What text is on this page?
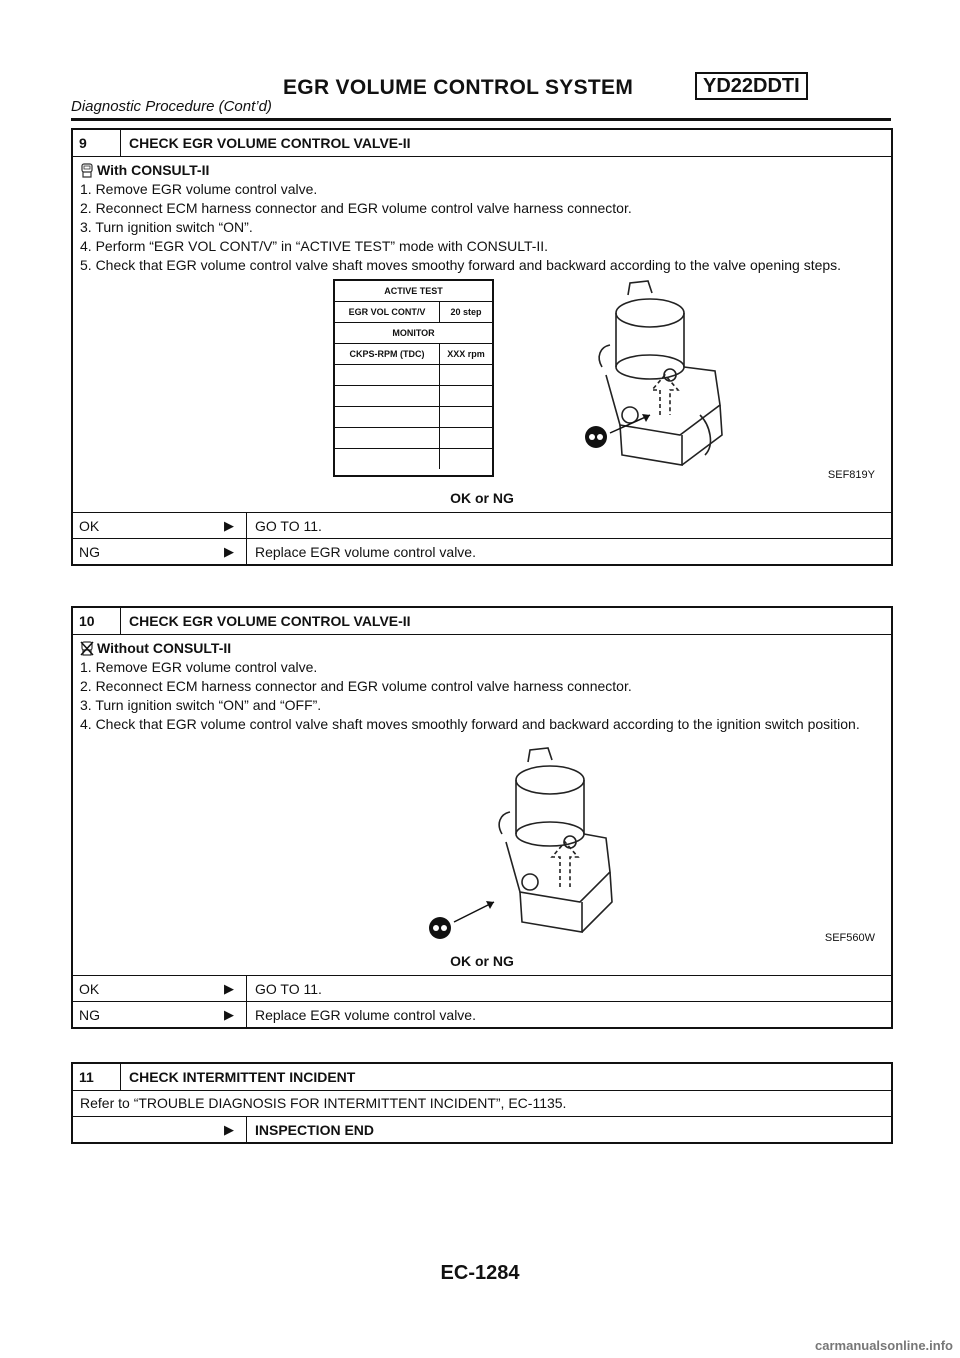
EGR VOLUME CONTROL SYSTEM	YD22DDTI
Diagnostic Procedure (Cont’d)
9	CHECK EGR VOLUME CONTROL VALVE-II
With CONSULT-II
1. Remove EGR volume control valve.
2. Reconnect ECM harness connector and EGR volume control valve harness connector.
3. Turn ignition switch “ON”.
4. Perform “EGR VOL CONT/V” in “ACTIVE TEST” mode with CONSULT-II.
5. Check that EGR volume control valve shaft moves smoothy forward and backward according to the valve opening steps.
ACTIVE TEST
EGR VOL CONT/V	20 step
MONITOR
CKPS-RPM (TDC)	XXX rpm
SEF819Y
OK or NG
OK	▶	GO TO 11.
NG	▶	Replace EGR volume control valve.
10	CHECK EGR VOLUME CONTROL VALVE-II
Without CONSULT-II
1. Remove EGR volume control valve.
2. Reconnect ECM harness connector and EGR volume control valve harness connector.
3. Turn ignition switch “ON” and “OFF”.
4. Check that EGR volume control valve shaft moves smoothly forward and backward according to the ignition switch position.
SEF560W
OK or NG
OK	▶	GO TO 11.
NG	▶	Replace EGR volume control valve.
11	CHECK INTERMITTENT INCIDENT
Refer to “TROUBLE DIAGNOSIS FOR INTERMITTENT INCIDENT”, EC-1135.
▶	INSPECTION END
EC-1284
carmanualsonline.info
